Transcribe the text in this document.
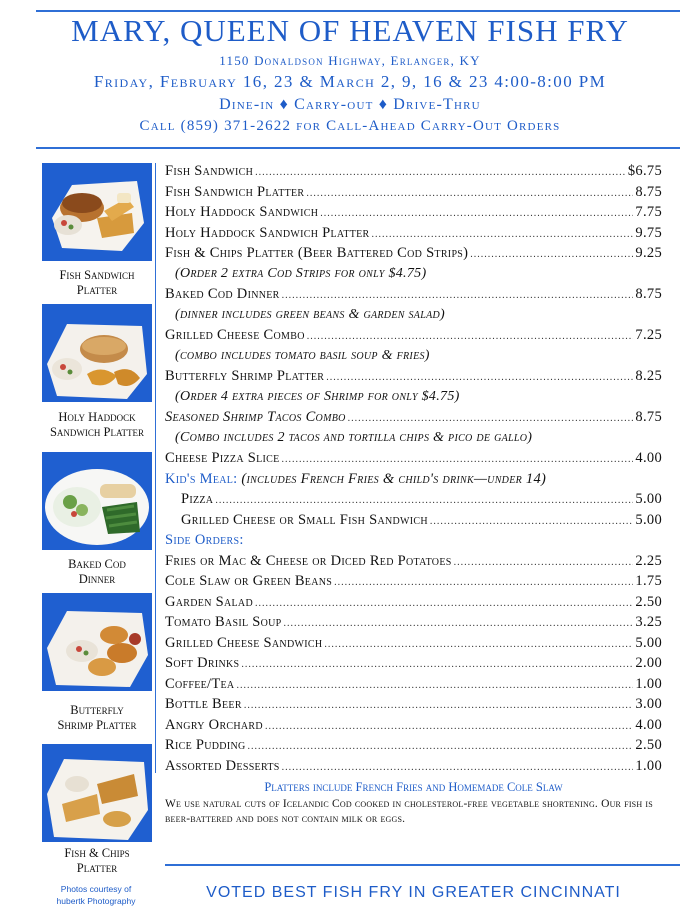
MARY, QUEEN OF HEAVEN FISH FRY
1150 Donaldson Highway, Erlanger, KY
Friday, February 16, 23 & March 2, 9, 16 & 23 4:00-8:00 PM
Dine-in ♦ Carry-out ♦ Drive-Thru
Call (859) 371-2622 for Call-Ahead Carry-Out Orders
Fish Sandwich
Platter
Holy Haddock
Sandwich Platter
Baked Cod
Dinner
Butterfly
Shrimp Platter
Fish & Chips
Platter
Photos courtesy of
hubertk Photography
Fish Sandwich .....	$6.75
Fish Sandwich Platter .....	8.75
Holy Haddock Sandwich .....	7.75
Holy Haddock Sandwich Platter .....	9.75
Fish & Chips Platter (Beer Battered Cod Strips) .....	9.25
(Order 2 extra Cod Strips for only $4.75)
Baked Cod Dinner .....	8.75
(dinner includes green beans & garden salad)
Grilled Cheese Combo .....	7.25
(combo includes tomato basil soup & fries)
Butterfly Shrimp Platter .....	8.25
(Order 4 extra pieces of Shrimp for only $4.75)
Seasoned Shrimp Tacos Combo .....	8.75
(Combo includes 2 tacos and tortilla chips & pico de gallo)
Cheese Pizza Slice .....	4.00
Kid's Meal: (includes French Fries & child's drink—under 14)
Pizza .....	5.00
Grilled Cheese or Small Fish Sandwich .....	5.00
Side Orders:
Fries or Mac & Cheese or Diced Red Potatoes .....	2.25
Cole Slaw or Green Beans .....	1.75
Garden Salad .....	2.50
Tomato Basil Soup .....	3.25
Grilled Cheese Sandwich .....	5.00
Soft Drinks .....	2.00
Coffee/Tea .....	1.00
Bottle Beer .....	3.00
Angry Orchard .....	4.00
Rice Pudding .....	2.50
Assorted Desserts .....	1.00
Platters include French Fries and Homemade Cole Slaw
We use natural cuts of Icelandic Cod cooked in cholesterol-free vegetable shortening. Our fish is beer-battered and does not contain milk or eggs.
VOTED BEST FISH FRY IN GREATER CINCINNATI
